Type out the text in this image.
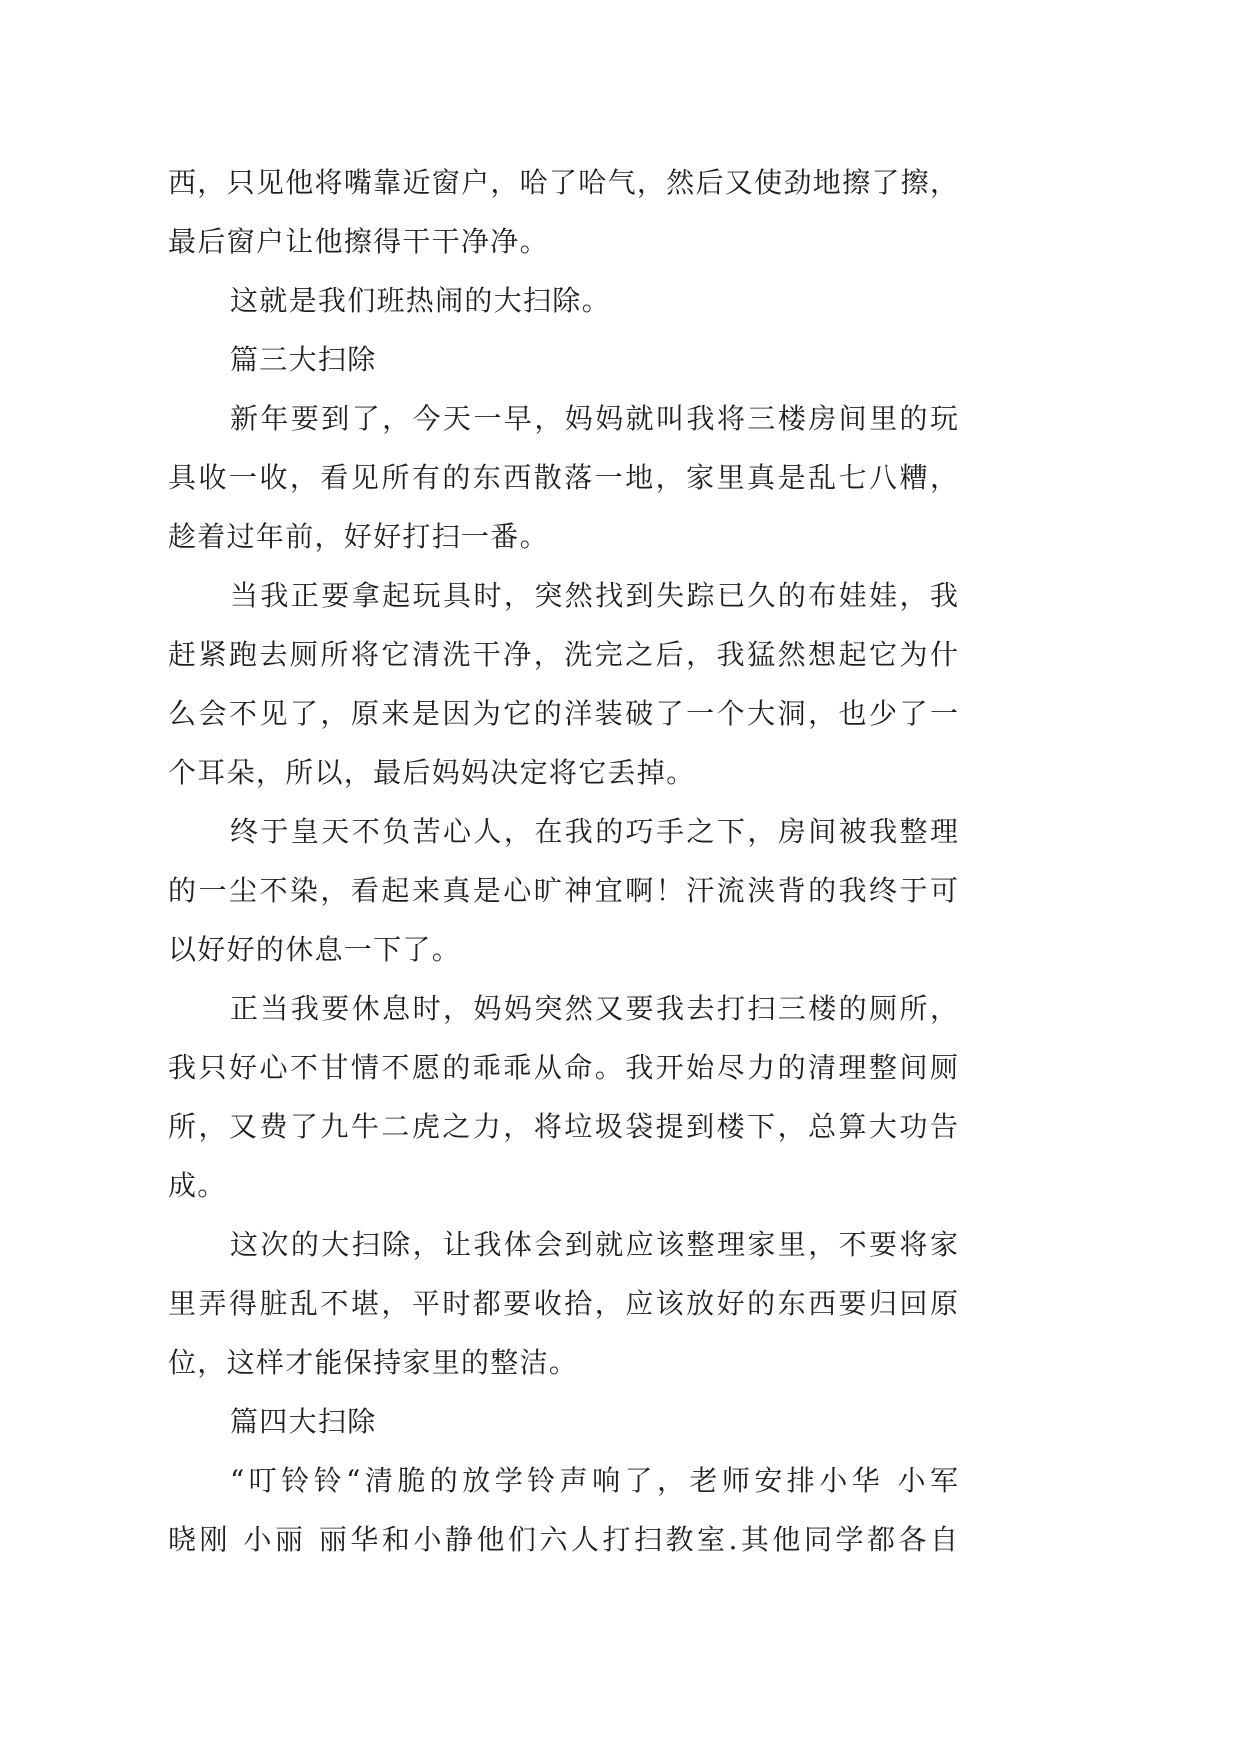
西，只见他将嘴靠近窗户，哈了哈气，然后又使劲地擦了擦，
最后窗户让他擦得干干净净。
这就是我们班热闹的大扫除。
篇三大扫除
新年要到了，今天一早，妈妈就叫我将三楼房间里的玩
具收一收，看见所有的东西散落一地，家里真是乱七八糟，
趁着过年前，好好打扫一番。
当我正要拿起玩具时，突然找到失踪已久的布娃娃，我
赶紧跑去厕所将它清洗干净，洗完之后，我猛然想起它为什
么会不见了，原来是因为它的洋装破了一个大洞，也少了一
个耳朵，所以，最后妈妈决定将它丢掉。
终于皇天不负苦心人，在我的巧手之下，房间被我整理
的一尘不染，看起来真是心旷神宜啊！汗流浃背的我终于可
以好好的休息一下了。
正当我要休息时，妈妈突然又要我去打扫三楼的厕所，
我只好心不甘情不愿的乖乖从命。我开始尽力的清理整间厕
所，又费了九牛二虎之力，将垃圾袋提到楼下，总算大功告
成。
这次的大扫除，让我体会到就应该整理家里，不要将家
里弄得脏乱不堪，平时都要收拾，应该放好的东西要归回原
位，这样才能保持家里的整洁。
篇四大扫除
“叮铃铃“清脆的放学铃声响了，老师安排小华 小军
晓刚 小丽 丽华和小静他们六人打扫教室.其他同学都各自
